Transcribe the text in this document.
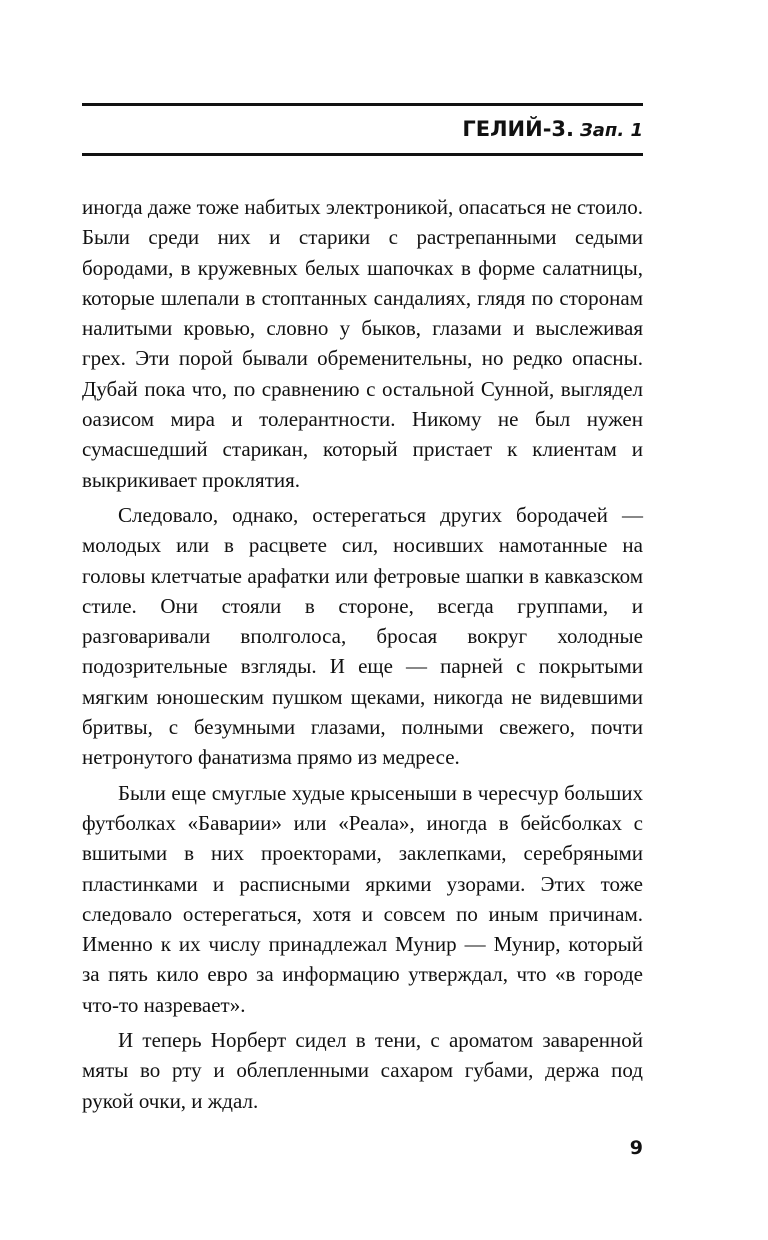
ГЕЛИЙ-3. Зап. 1

иногда даже тоже набитых электроникой, опасаться не стоило. Были среди них и старики с растрепанными седыми бородами, в кружевных белых шапочках в форме салатницы, которые шлепали в стоптанных сандалиях, глядя по сторонам налитыми кровью, словно у быков, глазами и выслеживая грех. Эти порой бывали обременительны, но редко опасны. Дубай пока что, по сравнению с остальной Сунной, выглядел оазисом мира и толерантности. Никому не был нужен сумасшедший старикан, который пристает к клиентам и выкрикивает проклятия.

Следовало, однако, остерегаться других бородачей — молодых или в расцвете сил, носивших намотанные на головы клетчатые арафатки или фетровые шапки в кавказском стиле. Они стояли в стороне, всегда группами, и разговаривали вполголоса, бросая вокруг холодные подозрительные взгляды. И еще — парней с покрытыми мягким юношеским пушком щеками, никогда не видевшими бритвы, с безумными глазами, полными свежего, почти нетронутого фанатизма прямо из медресе.

Были еще смуглые худые крысеныши в чересчур больших футболках «Баварии» или «Реала», иногда в бейсболках с вшитыми в них проекторами, заклепками, серебряными пластинками и расписными яркими узорами. Этих тоже следовало остерегаться, хотя и совсем по иным причинам. Именно к их числу принадлежал Мунир — Мунир, который за пять кило евро за информацию утверждал, что «в городе что-то назревает».

И теперь Норберт сидел в тени, с ароматом заваренной мяты во рту и облепленными сахаром губами, держа под рукой очки, и ждал.

9
